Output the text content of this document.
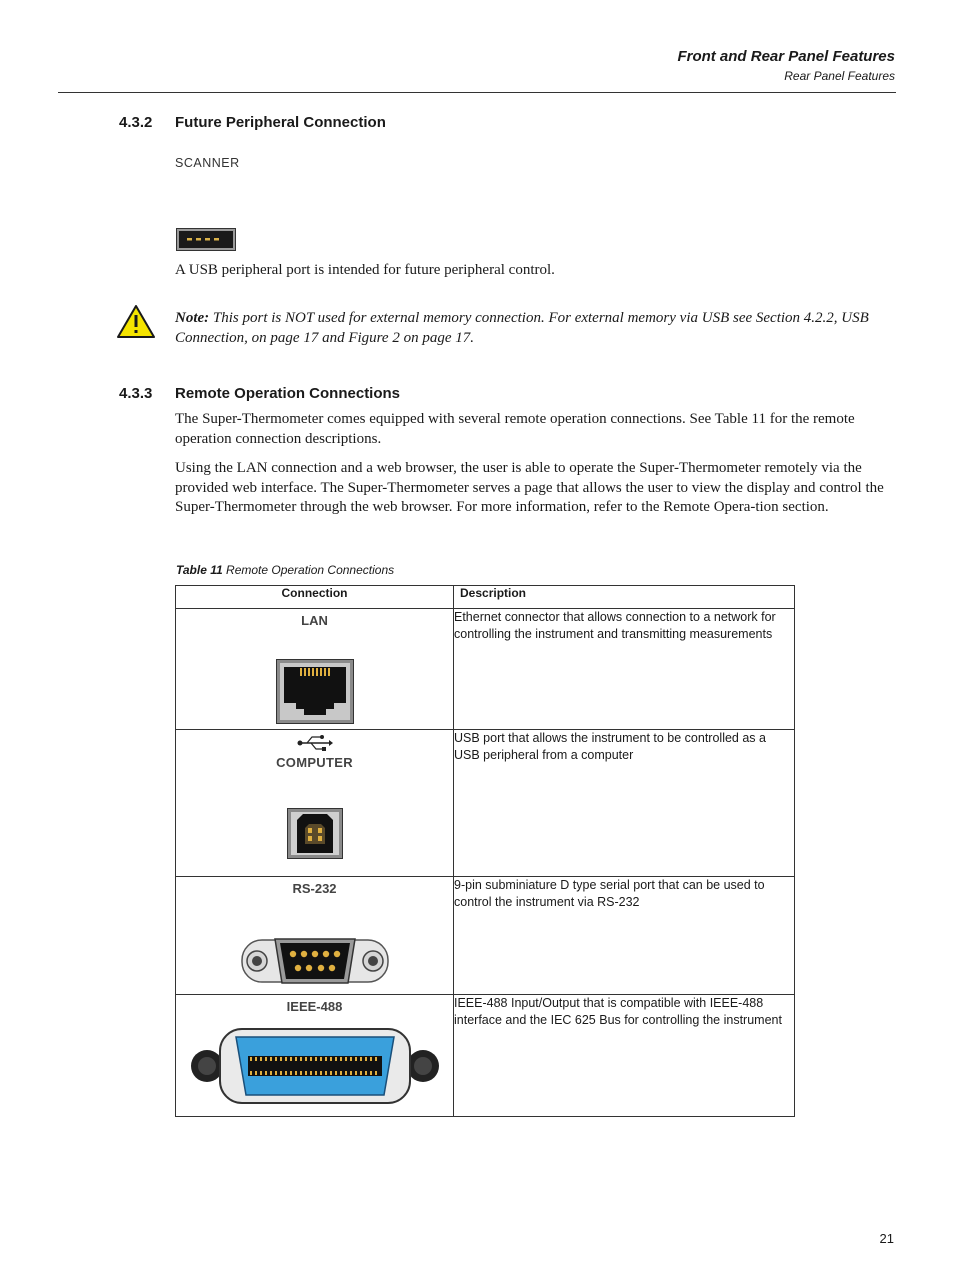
Front and Rear Panel Features
Rear Panel Features
4.3.2 Future Peripheral Connection
SCANNER
A USB peripheral port is intended for future peripheral control.
Note: This port is NOT used for external memory connection. For external memory via USB see Section 4.2.2, USB Connection, on page 17 and Figure 2 on page 17.
4.3.3 Remote Operation Connections
The Super-Thermometer comes equipped with several remote operation connections. See Table 11 for the remote operation connection descriptions.
Using the LAN connection and a web browser, the user is able to operate the Super-Thermometer remotely via the provided web interface. The Super-Thermometer serves a page that allows the user to view the display and control the Super-Thermometer through the web browser. For more information, refer to the Remote Opera-tion section.
Table 11 Remote Operation Connections
Connection	Description

LAN	Ethernet connector that allows connection to a network for controlling the instrument and transmitting measurements

COMPUTER	USB port that allows the instrument to be controlled as a USB peripheral from a computer

RS-232	9-pin subminiature D type serial port that can be used to control the instrument via RS-232

IEEE-488	IEEE-488 Input/Output that is compatible with IEEE-488 interface and the IEC 625 Bus for controlling the instrument
21
